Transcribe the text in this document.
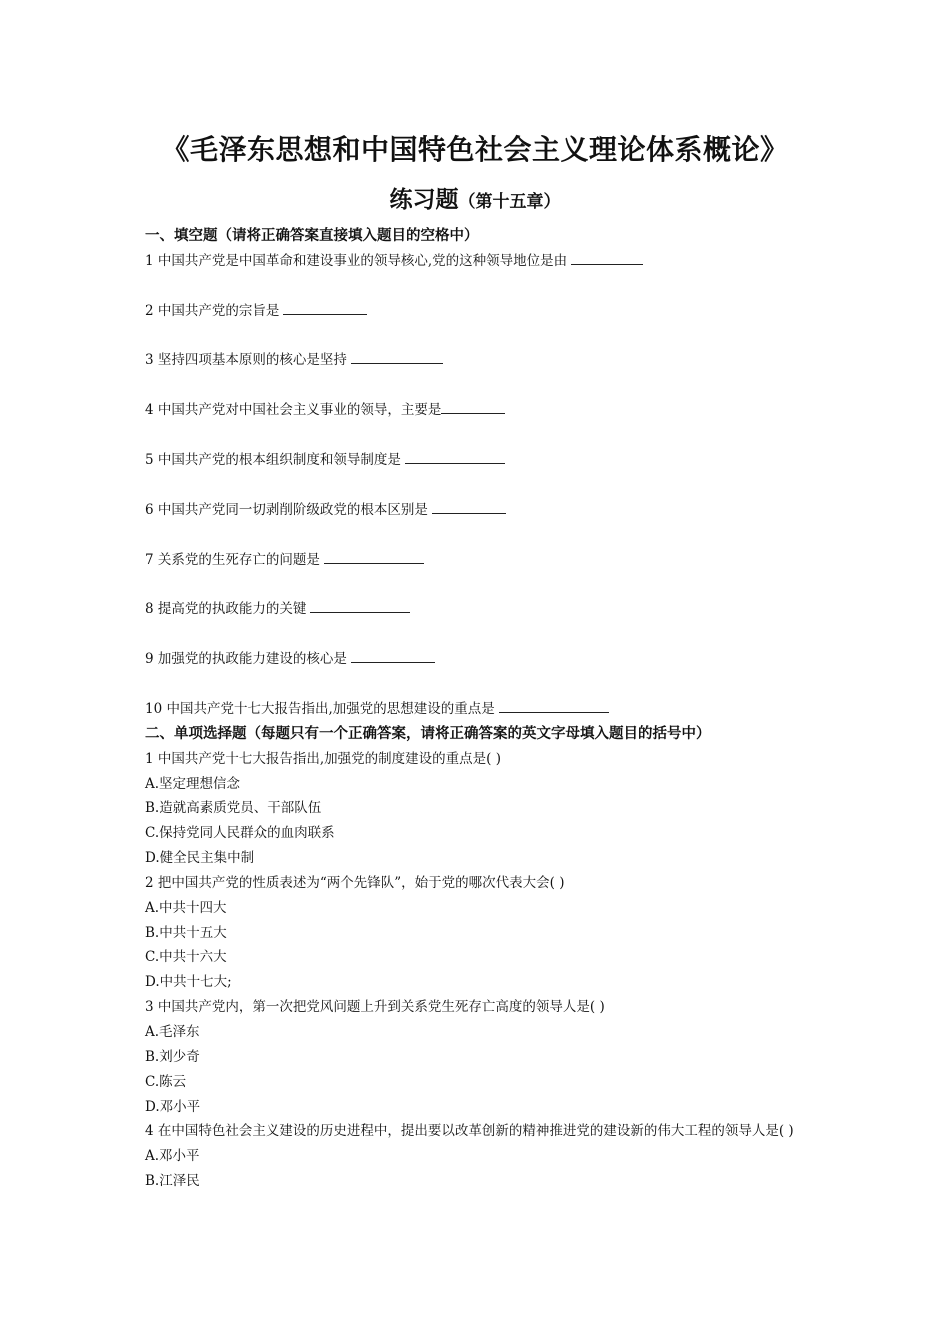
《毛泽东思想和中国特色社会主义理论体系概论》
练习题（第十五章）
一、填空题（请将正确答案直接填入题目的空格中）
1 中国共产党是中国革命和建设事业的领导核心,党的这种领导地位是由
2 中国共产党的宗旨是
3 坚持四项基本原则的核心是坚持
4 中国共产党对中国社会主义事业的领导，主要是
5 中国共产党的根本组织制度和领导制度是
6 中国共产党同一切剥削阶级政党的根本区别是
7 关系党的生死存亡的问题是
8 提高党的执政能力的关键
9 加强党的执政能力建设的核心是
10 中国共产党十七大报告指出,加强党的思想建设的重点是
二、单项选择题（每题只有一个正确答案，请将正确答案的英文字母填入题目的括号中）
1 中国共产党十七大报告指出,加强党的制度建设的重点是( )
A.坚定理想信念
B.造就高素质党员、干部队伍
C.保持党同人民群众的血肉联系
D.健全民主集中制
2 把中国共产党的性质表述为“两个先锋队”，始于党的哪次代表大会( )
A.中共十四大
B.中共十五大
C.中共十六大
D.中共十七大;
3 中国共产党内，第一次把党风问题上升到关系党生死存亡高度的领导人是( )
A.毛泽东
B.刘少奇
C.陈云
D.邓小平
4 在中国特色社会主义建设的历史进程中，提出要以改革创新的精神推进党的建设新的伟大工程的领导人是( )
A.邓小平
B.江泽民
